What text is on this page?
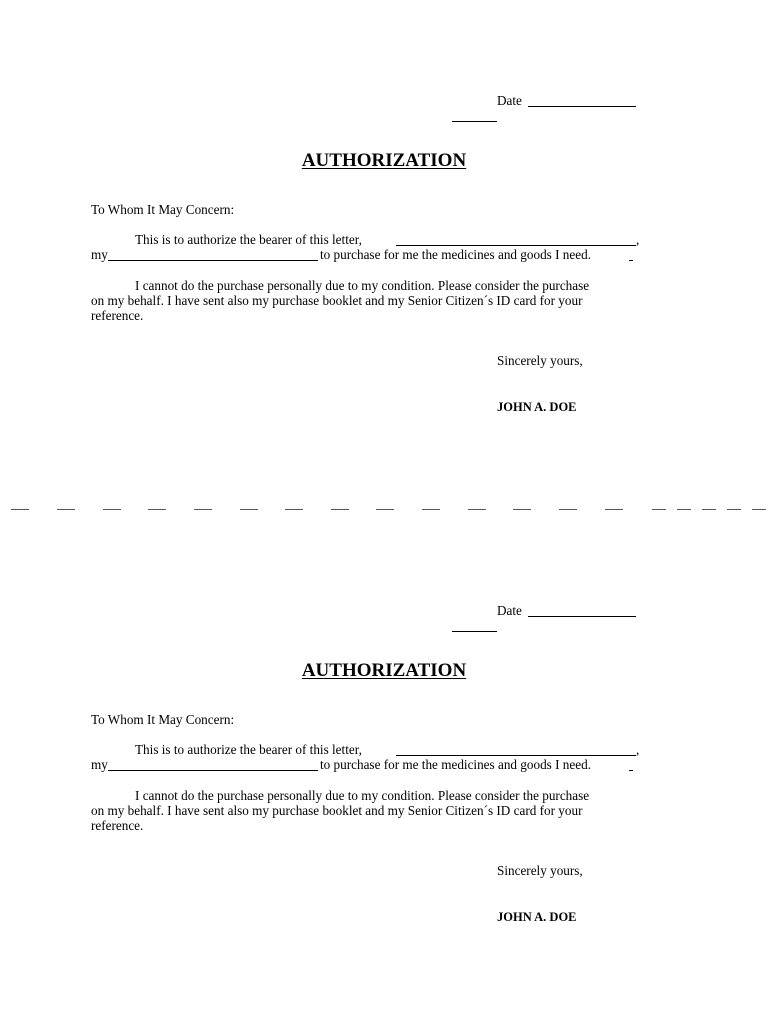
Date
AUTHORIZATION
To Whom It May Concern:
This is to authorize the bearer of this letter,	,
my	to purchase for me the medicines and goods I need.
I cannot do the purchase personally due to my condition. Please consider the purchase
on my behalf. I have sent also my purchase booklet and my Senior Citizen´s ID card for your
reference.
Sincerely yours,
JOHN A. DOE
Date
AUTHORIZATION
To Whom It May Concern:
This is to authorize the bearer of this letter,	,
my	to purchase for me the medicines and goods I need.
I cannot do the purchase personally due to my condition. Please consider the purchase
on my behalf. I have sent also my purchase booklet and my Senior Citizen´s ID card for your
reference.
Sincerely yours,
JOHN A. DOE
